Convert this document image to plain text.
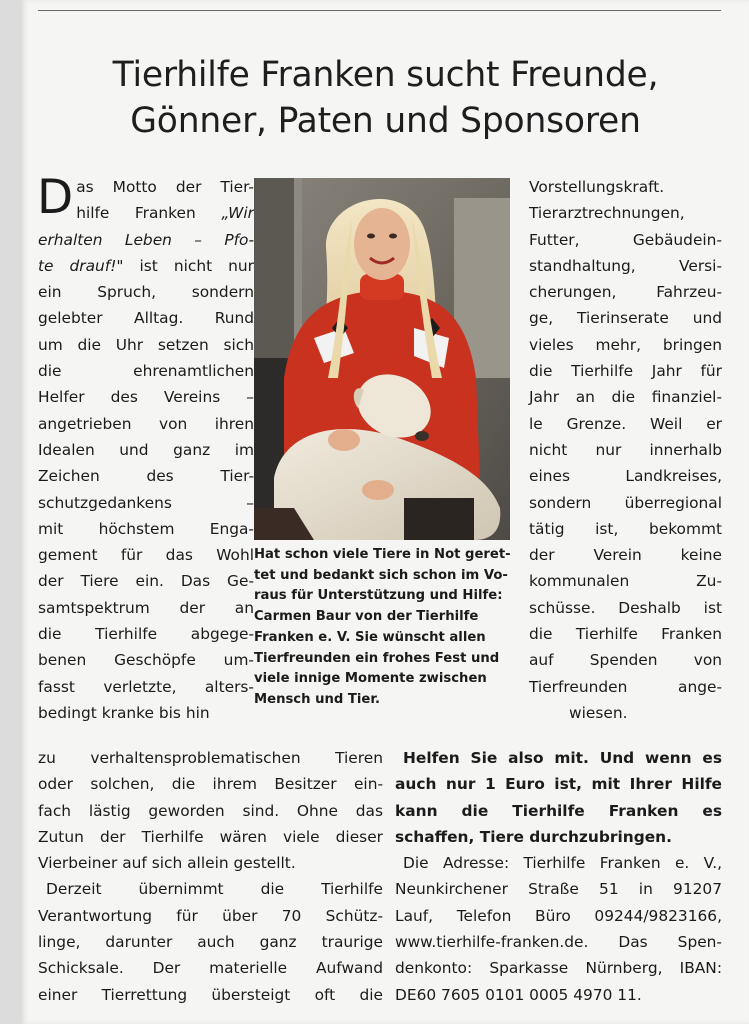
Tierhilfe Franken sucht Freunde,
Gönner, Paten und Sponsoren
D as Motto der Tier-
hilfe Franken „Wir
erhalten Leben – Pfo-
te drauf!" ist nicht nur
ein Spruch, sondern
gelebter Alltag. Rund
um die Uhr setzen sich
die ehrenamtlichen
Helfer des Vereins –
angetrieben von ihren
Idealen und ganz im
Zeichen des Tier-
schutzgedankens –
mit höchstem Enga-
gement für das Wohl
der Tiere ein. Das Ge-
samtspektrum der an
die Tierhilfe abgege-
benen Geschöpfe um-
fasst verletzte, alters-
bedingt kranke bis hin
Hat schon viele Tiere in Not geret-
tet und bedankt sich schon im Vo-
raus für Unterstützung und Hilfe:
Carmen Baur von der Tierhilfe
Franken e. V. Sie wünscht allen
Tierfreunden ein frohes Fest und
viele innige Momente zwischen
Mensch und Tier.
Vorstellungskraft.
Tierarztrechnungen,
Futter, Gebäudein-
standhaltung, Versi-
cherungen, Fahrzeu-
ge, Tierinserate und
vieles mehr, bringen
die Tierhilfe Jahr für
Jahr an die finanziel-
le Grenze. Weil er
nicht nur innerhalb
eines Landkreises,
sondern überregional
tätig ist, bekommt
der Verein keine
kommunalen Zu-
schüsse. Deshalb ist
die Tierhilfe Franken
auf Spenden von
Tierfreunden ange-
wiesen.
zu verhaltensproblematischen Tieren
oder solchen, die ihrem Besitzer ein-
fach lästig geworden sind. Ohne das
Zutun der Tierhilfe wären viele dieser
Vierbeiner auf sich allein gestellt.
Derzeit übernimmt die Tierhilfe
Verantwortung für über 70 Schütz-
linge, darunter auch ganz traurige
Schicksale. Der materielle Aufwand
einer Tierrettung übersteigt oft die
Helfen Sie also mit. Und wenn es
auch nur 1 Euro ist, mit Ihrer Hilfe
kann die Tierhilfe Franken es
schaffen, Tiere durchzubringen.
Die Adresse: Tierhilfe Franken e. V.,
Neunkirchener Straße 51 in 91207
Lauf, Telefon Büro 09244/9823166,
www.tierhilfe-franken.de. Das Spen-
denkonto: Sparkasse Nürnberg, IBAN:
DE60 7605 0101 0005 4970 11.
